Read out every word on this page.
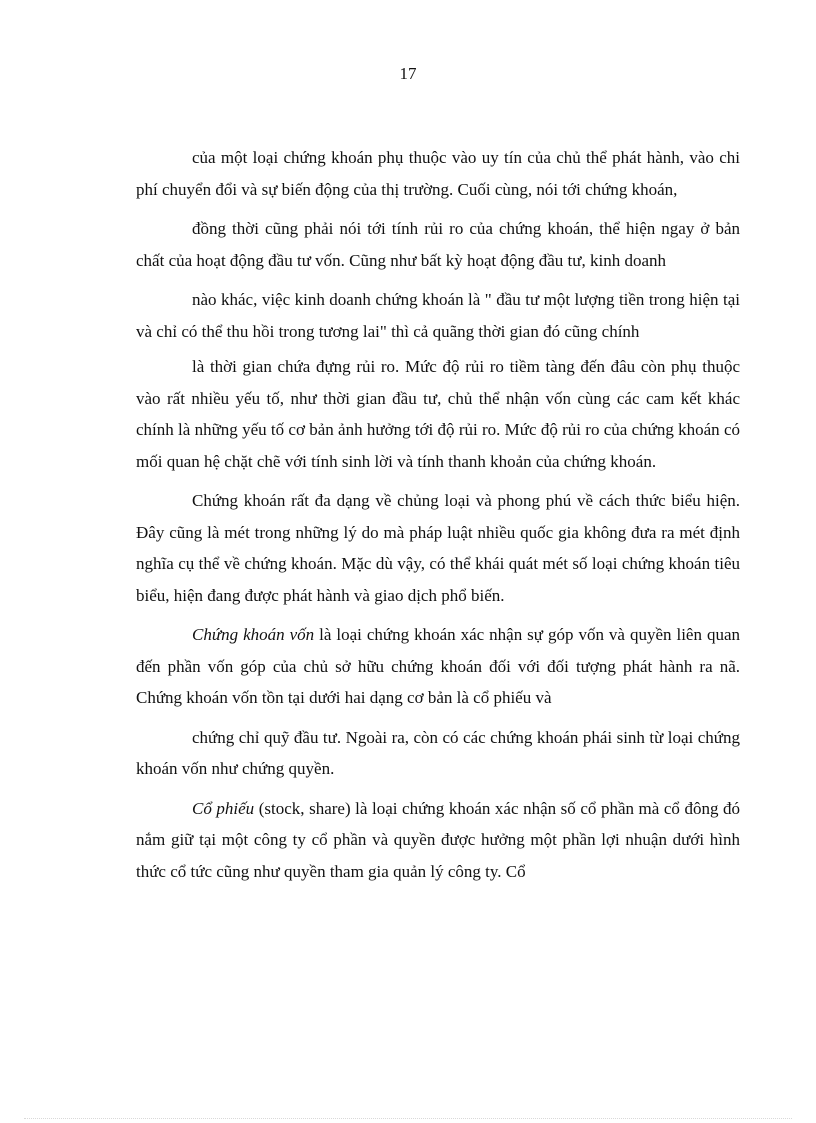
17

của một loại chứng khoán phụ thuộc vào uy tín của chủ thể phát hành, vào chi phí chuyển đổi và sự biến động của thị trường. Cuối cùng, nói tới chứng khoán,

đồng thời cũng phải nói tới tính rủi ro của chứng khoán, thể hiện ngay ở bản chất của hoạt động đầu tư vốn. Cũng như bất kỳ hoạt động đầu tư, kinh doanh

nào khác, việc kinh doanh chứng khoán là " đầu tư một lượng tiền trong hiện tại và chỉ có thể thu hồi trong tương lai" thì cả quãng thời gian đó cũng chính

là thời gian chứa đựng rủi ro. Mức độ rủi ro tiềm tàng đến đâu còn phụ thuộc vào rất nhiều yếu tố, như thời gian đầu tư, chủ thể nhận vốn cùng các cam kết khác chính là những yếu tố cơ bản ảnh hưởng tới độ rủi ro. Mức độ rủi ro của chứng khoán có mối quan hệ chặt chẽ với tính sinh lời và tính thanh khoản của chứng khoán.

Chứng khoán rất đa dạng về chủng loại và phong phú về cách thức biểu hiện. Đây cũng là mét trong những lý do mà pháp luật nhiều quốc gia không đưa ra mét định nghĩa cụ thể về chứng khoán. Mặc dù vậy, có thể khái quát mét số loại chứng khoán tiêu biểu, hiện đang được phát hành và giao dịch phổ biến.

Chứng khoán vốn là loại chứng khoán xác nhận sự góp vốn và quyền liên quan đến phần vốn góp của chủ sở hữu chứng khoán đối với đối tượng phát hành ra nã. Chứng khoán vốn tồn tại dưới hai dạng cơ bản là cổ phiếu và

chứng chỉ quỹ đầu tư. Ngoài ra, còn có các chứng khoán phái sinh từ loại chứng khoán vốn như chứng quyền.

Cổ phiếu (stock, share) là loại chứng khoán xác nhận số cổ phần mà cổ đông đó nắm giữ tại một công ty cổ phần và quyền được hưởng một phần lợi nhuận dưới hình thức cổ tức cũng như quyền tham gia quản lý công ty. Cổ
